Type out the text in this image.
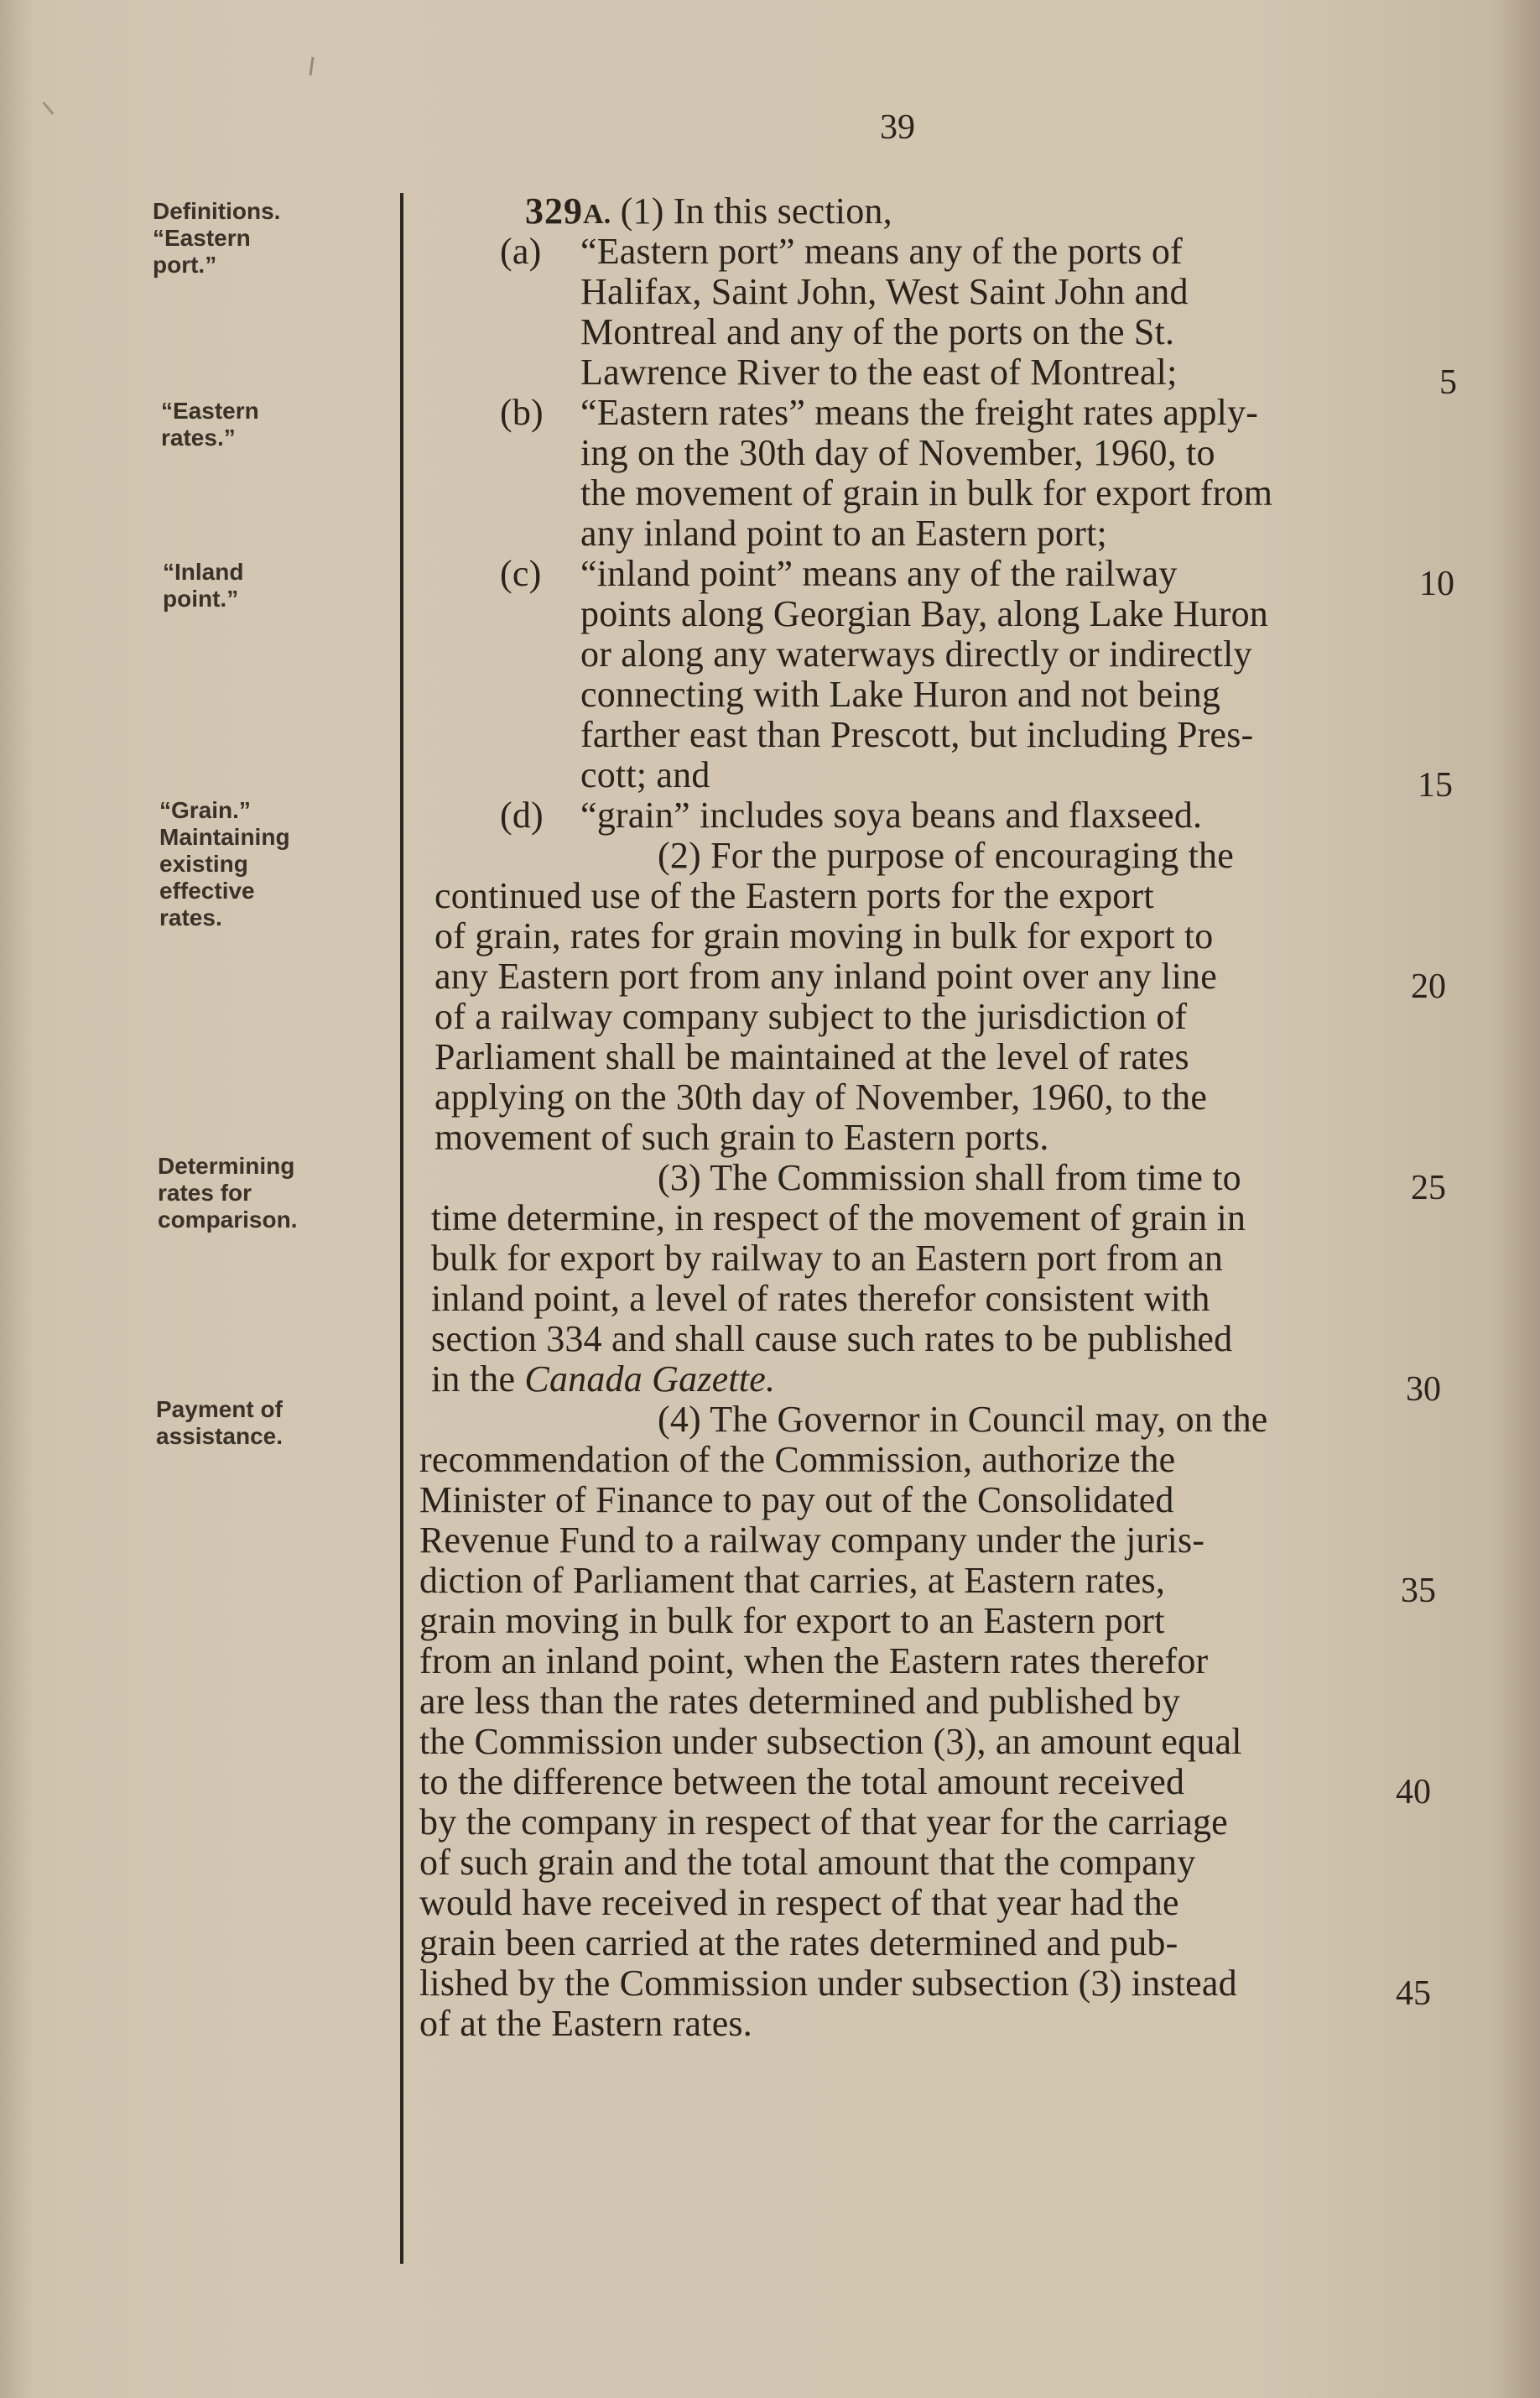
39
Definitions.
“Eastern
port.”
“Eastern
rates.”
“Inland
point.”
“Grain.”
Maintaining
existing
effective
rates.
Determining
rates for
comparison.
Payment of
assistance.
329A. (1) In this section,
(a) “Eastern port” means any of the ports of
Halifax, Saint John, West Saint John and
Montreal and any of the ports on the St.
Lawrence River to the east of Montreal;
(b) “Eastern rates” means the freight rates apply-
ing on the 30th day of November, 1960, to
the movement of grain in bulk for export from
any inland point to an Eastern port;
(c) “inland point” means any of the railway
points along Georgian Bay, along Lake Huron
or along any waterways directly or indirectly
connecting with Lake Huron and not being
farther east than Prescott, but including Pres-
cott; and
(d) “grain” includes soya beans and flaxseed.
(2) For the purpose of encouraging the
continued use of the Eastern ports for the export
of grain, rates for grain moving in bulk for export to
any Eastern port from any inland point over any line
of a railway company subject to the jurisdiction of
Parliament shall be maintained at the level of rates
applying on the 30th day of November, 1960, to the
movement of such grain to Eastern ports.
(3) The Commission shall from time to
time determine, in respect of the movement of grain in
bulk for export by railway to an Eastern port from an
inland point, a level of rates therefor consistent with
section 334 and shall cause such rates to be published
in the Canada Gazette.
(4) The Governor in Council may, on the
recommendation of the Commission, authorize the
Minister of Finance to pay out of the Consolidated
Revenue Fund to a railway company under the juris-
diction of Parliament that carries, at Eastern rates,
grain moving in bulk for export to an Eastern port
from an inland point, when the Eastern rates therefor
are less than the rates determined and published by
the Commission under subsection (3), an amount equal
to the difference between the total amount received
by the company in respect of that year for the carriage
of such grain and the total amount that the company
would have received in respect of that year had the
grain been carried at the rates determined and pub-
lished by the Commission under subsection (3) instead
of at the Eastern rates.
5
10
15
20
25
30
35
40
45
